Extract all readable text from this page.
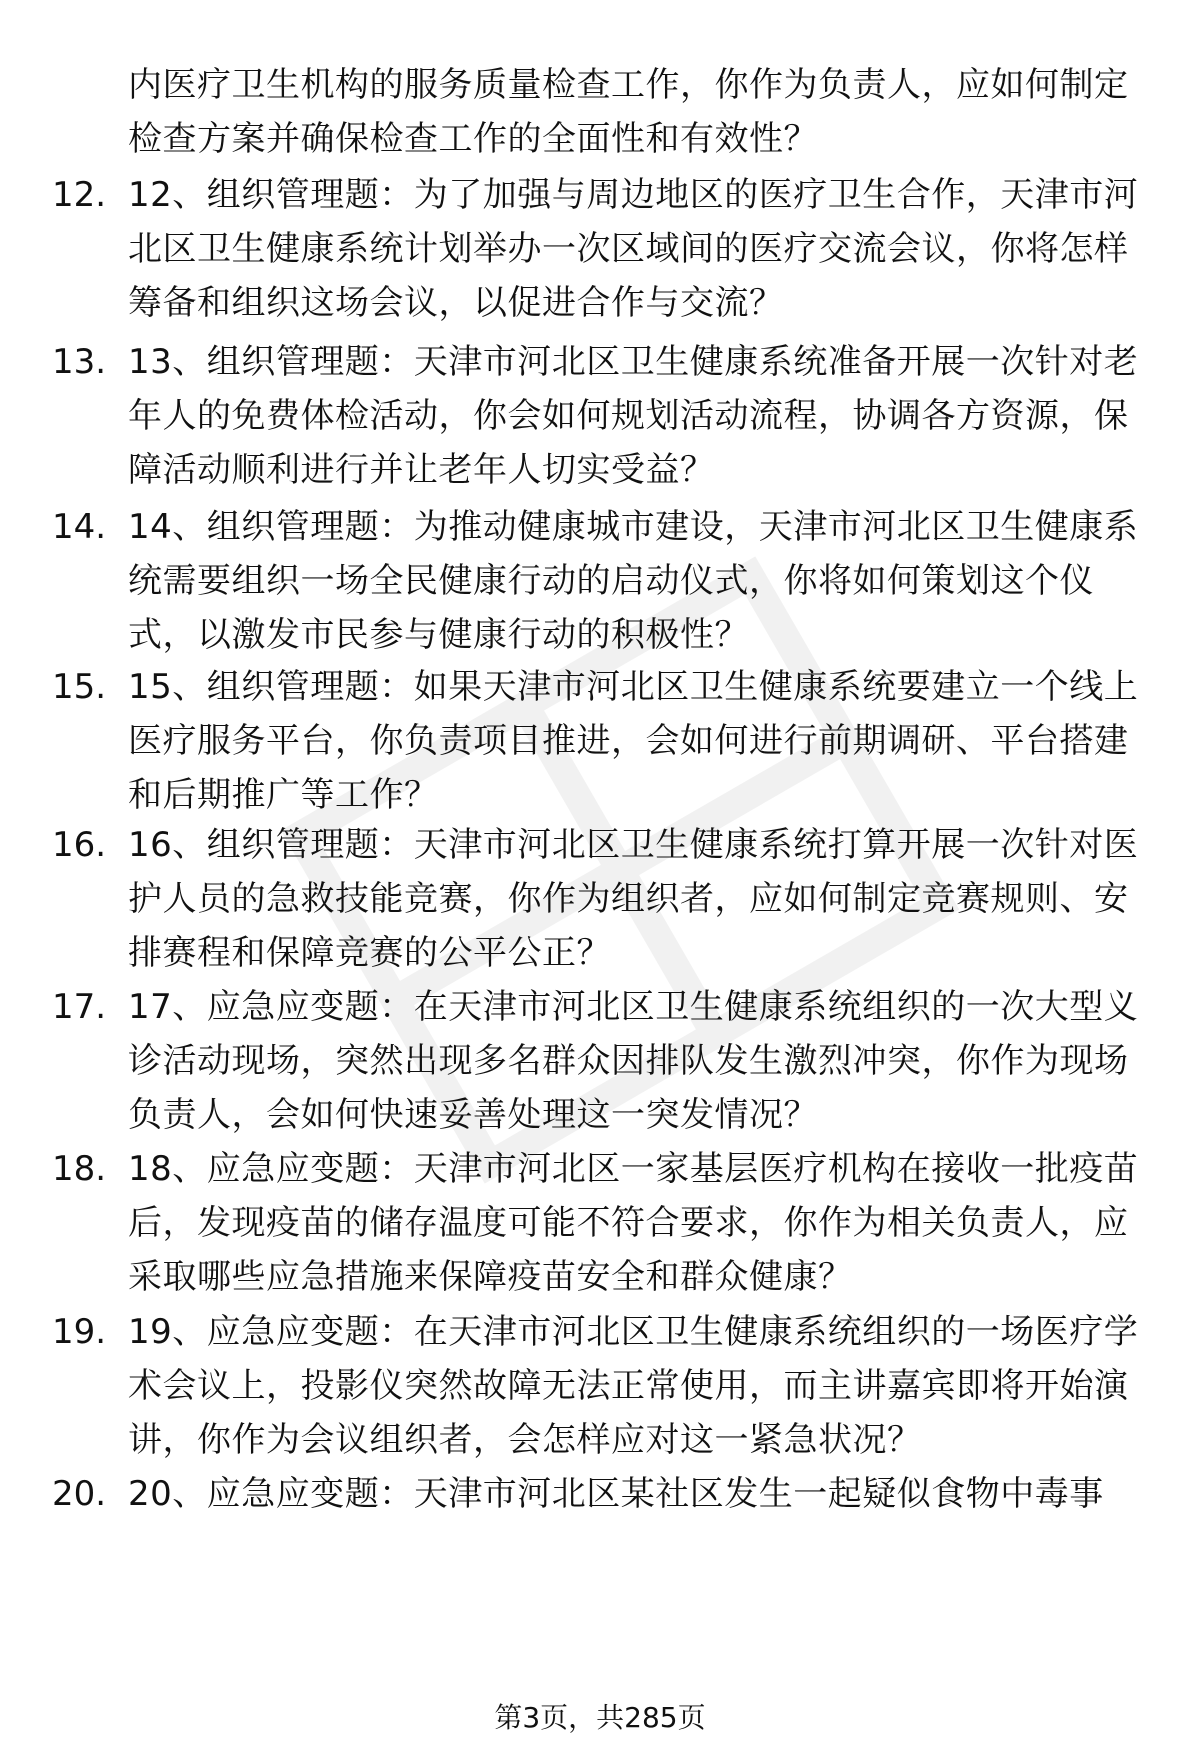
内医疗卫生机构的服务质量检查工作，你作为负责人，应如何制定检查方案并确保检查工作的全面性和有效性？
12. 12、组织管理题：为了加强与周边地区的医疗卫生合作，天津市河北区卫生健康系统计划举办一次区域间的医疗交流会议，你将怎样筹备和组织这场会议，以促进合作与交流？
13. 13、组织管理题：天津市河北区卫生健康系统准备开展一次针对老年人的免费体检活动，你会如何规划活动流程，协调各方资源，保障活动顺利进行并让老年人切实受益？
14. 14、组织管理题：为推动健康城市建设，天津市河北区卫生健康系统需要组织一场全民健康行动的启动仪式，你将如何策划这个仪式，以激发市民参与健康行动的积极性？
15. 15、组织管理题：如果天津市河北区卫生健康系统要建立一个线上医疗服务平台，你负责项目推进，会如何进行前期调研、平台搭建和后期推广等工作？
16. 16、组织管理题：天津市河北区卫生健康系统打算开展一次针对医护人员的急救技能竞赛，你作为组织者，应如何制定竞赛规则、安排赛程和保障竞赛的公平公正？
17. 17、应急应变题：在天津市河北区卫生健康系统组织的一次大型义诊活动现场，突然出现多名群众因排队发生激烈冲突，你作为现场负责人，会如何快速妥善处理这一突发情况？
18. 18、应急应变题：天津市河北区一家基层医疗机构在接收一批疫苗后，发现疫苗的储存温度可能不符合要求，你作为相关负责人，应采取哪些应急措施来保障疫苗安全和群众健康？
19. 19、应急应变题：在天津市河北区卫生健康系统组织的一场医疗学术会议上，投影仪突然故障无法正常使用，而主讲嘉宾即将开始演讲，你作为会议组织者，会怎样应对这一紧急状况？
20. 20、应急应变题：天津市河北区某社区发生一起疑似食物中毒事
第3页，共285页
